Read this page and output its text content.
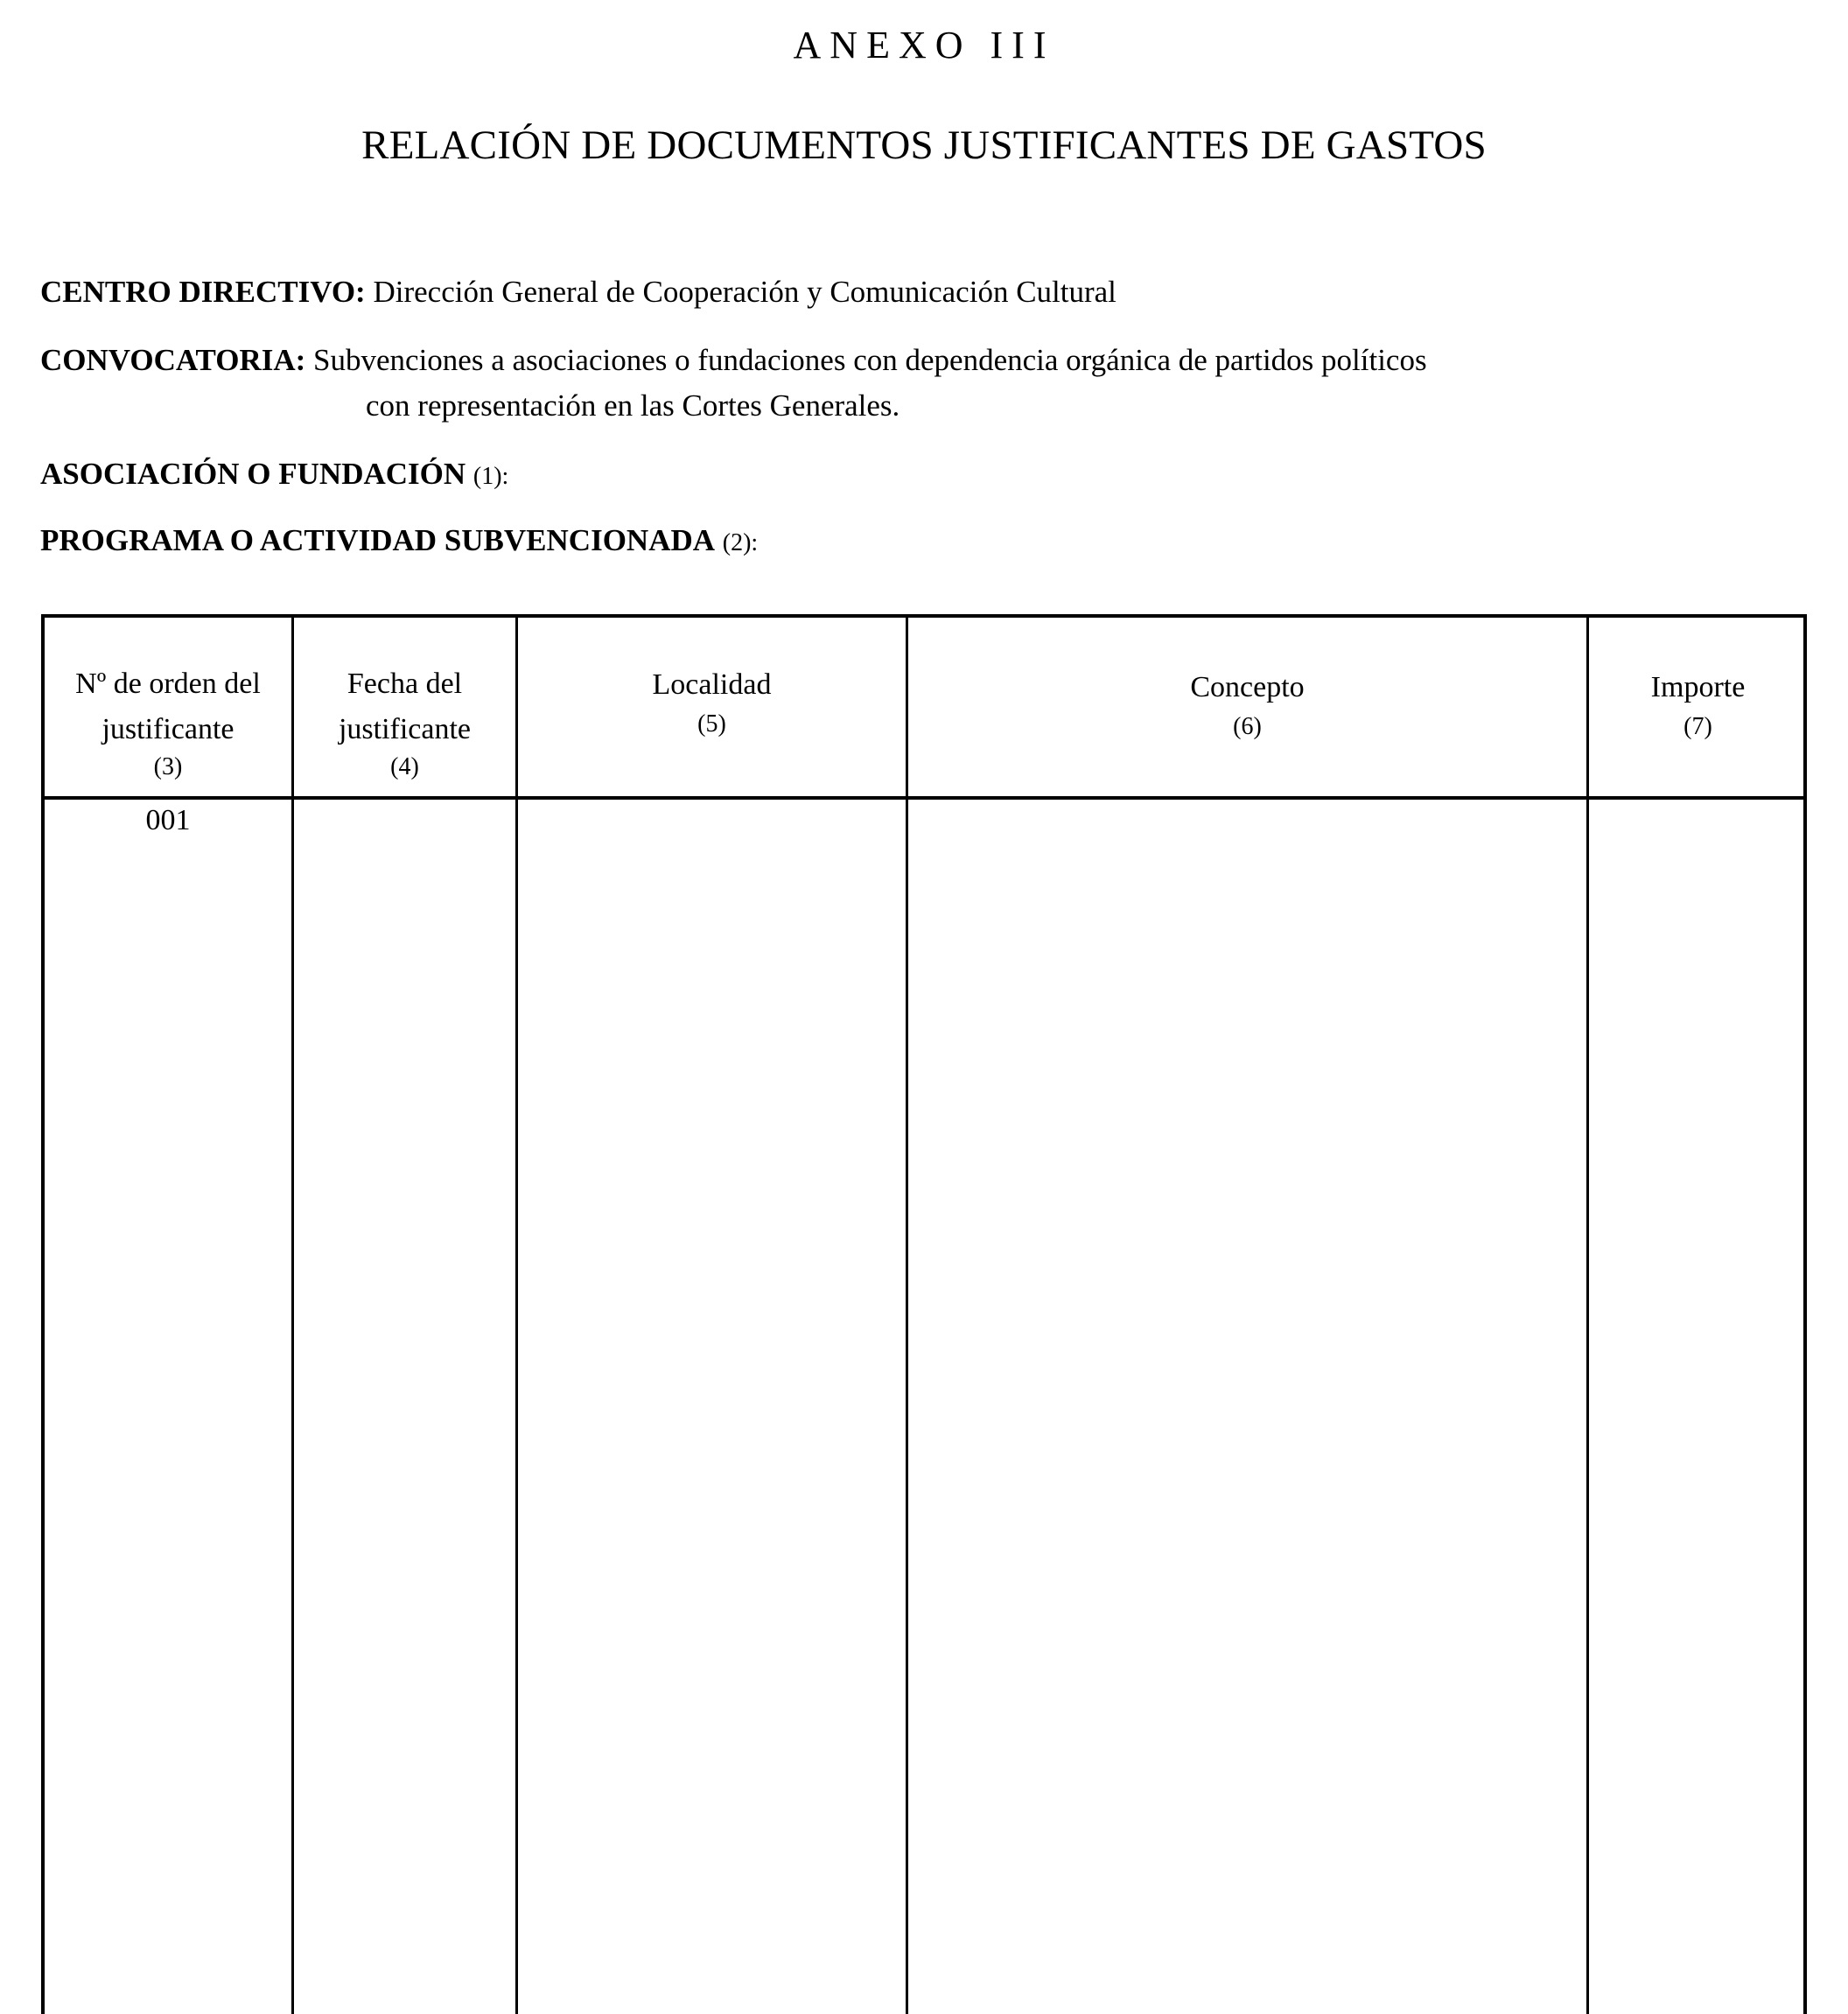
ANEXO III
RELACIÓN DE DOCUMENTOS JUSTIFICANTES DE GASTOS
CENTRO DIRECTIVO: Dirección General de Cooperación y Comunicación Cultural
CONVOCATORIA: Subvenciones a asociaciones o fundaciones con dependencia orgánica de partidos políticos
con representación en las Cortes Generales.
ASOCIACIÓN O FUNDACIÓN (1):
PROGRAMA O ACTIVIDAD SUBVENCIONADA (2):
Nº de orden del
justificante
(3)
Fecha del
justificante
(4)
Localidad
(5)
Concepto
(6)
Importe
(7)
001
